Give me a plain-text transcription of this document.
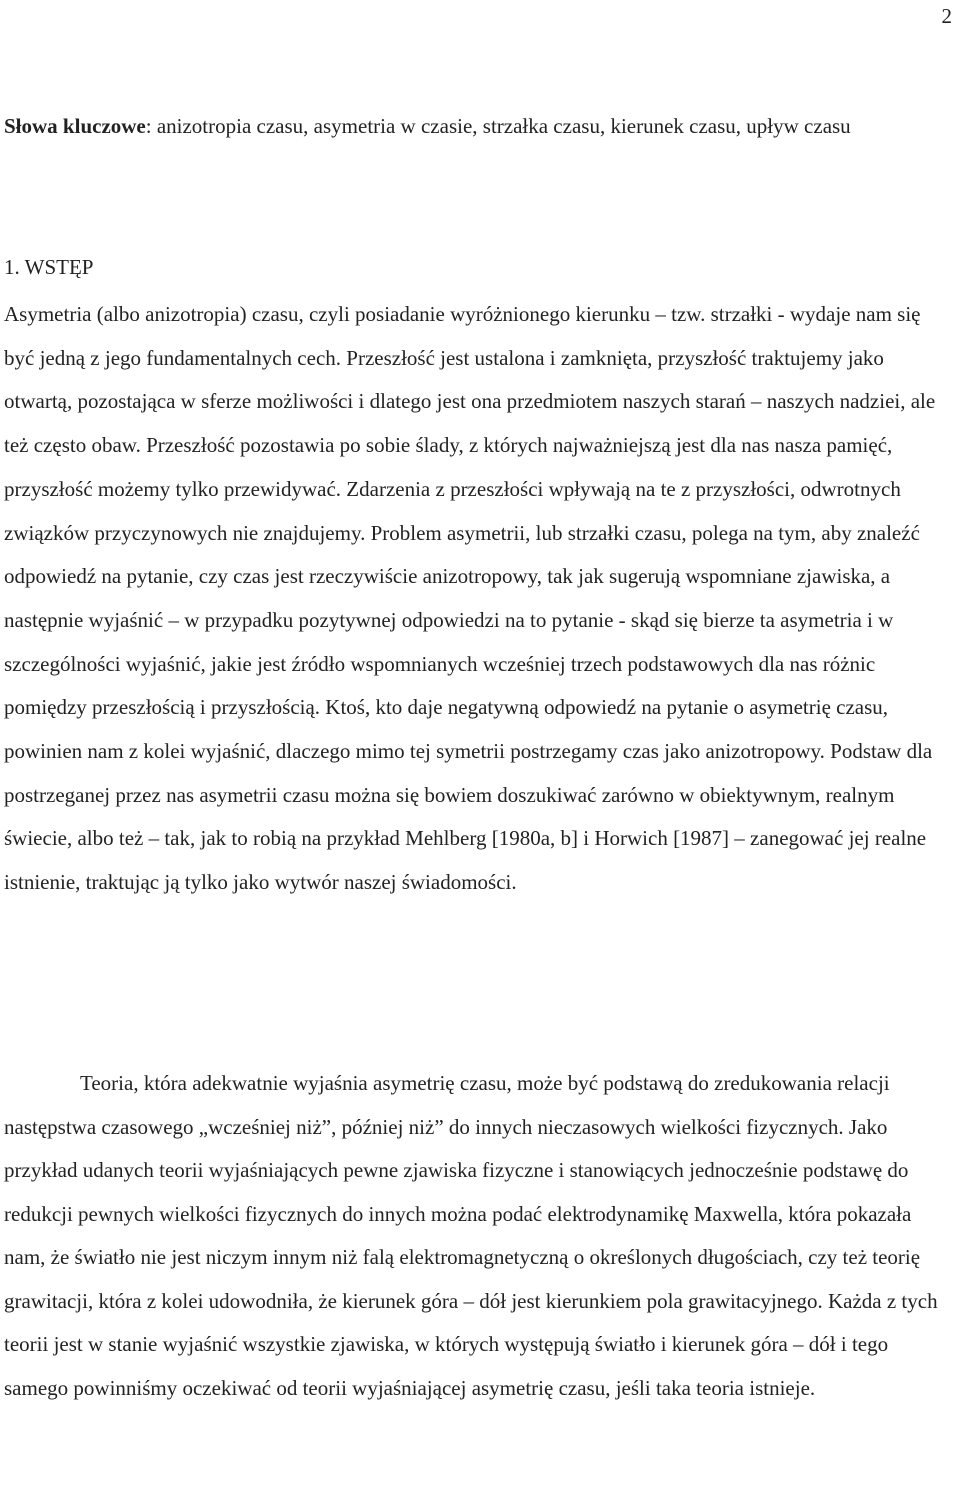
2
Słowa kluczowe: anizotropia czasu, asymetria w czasie, strzałka czasu, kierunek czasu, upływ czasu
1. WSTĘP

Asymetria (albo anizotropia) czasu, czyli posiadanie wyróżnionego kierunku – tzw. strzałki - wydaje nam się być jedną z jego fundamentalnych cech. Przeszłość jest ustalona i zamknięta, przyszłość traktujemy jako otwartą, pozostająca w sferze możliwości i dlatego jest ona przedmiotem naszych starań – naszych nadziei, ale też często obaw. Przeszłość pozostawia po sobie ślady, z których najważniejszą jest dla nas nasza pamięć, przyszłość możemy tylko przewidywać. Zdarzenia z przeszłości wpływają na te z przyszłości, odwrotnych związków przyczynowych nie znajdujemy. Problem asymetrii, lub strzałki czasu, polega na tym, aby znaleźć odpowiedź na pytanie, czy czas jest rzeczywiście anizotropowy, tak jak sugerują wspomniane zjawiska, a następnie wyjaśnić – w przypadku pozytywnej odpowiedzi na to pytanie - skąd się bierze ta asymetria i w szczególności wyjaśnić, jakie jest źródło wspomnianych wcześniej trzech podstawowych dla nas różnic pomiędzy przeszłością i przyszłością. Ktoś, kto daje negatywną odpowiedź na pytanie o asymetrię czasu, powinien nam z kolei wyjaśnić, dlaczego mimo tej symetrii postrzegamy czas jako anizotropowy. Podstaw dla postrzeganej przez nas asymetrii czasu można się bowiem doszukiwać zarówno w obiektywnym, realnym świecie, albo też – tak, jak to robią na przykład Mehlberg [1980a, b] i Horwich [1987] – zanegować jej realne istnienie, traktując ją tylko jako wytwór naszej świadomości.

Teoria, która adekwatnie wyjaśnia asymetrię czasu, może być podstawą do zredukowania relacji następstwa czasowego „wcześniej niż”, później niż” do innych nieczasowych wielkości fizycznych. Jako przykład udanych teorii wyjaśniających pewne zjawiska fizyczne i stanowiących jednocześnie podstawę do redukcji pewnych wielkości fizycznych do innych można podać elektrodynamikę Maxwella, która pokazała nam, że światło nie jest niczym innym niż falą elektromagnetyczną o określonych długościach, czy też teorię grawitacji, która z kolei udowodniła, że kierunek góra – dół jest kierunkiem pola grawitacyjnego. Każda z tych teorii jest w stanie wyjaśnić wszystkie zjawiska, w których występują światło i kierunek góra – dół i tego samego powinniśmy oczekiwać od teorii wyjaśniającej asymetrię czasu, jeśli taka teoria istnieje.
